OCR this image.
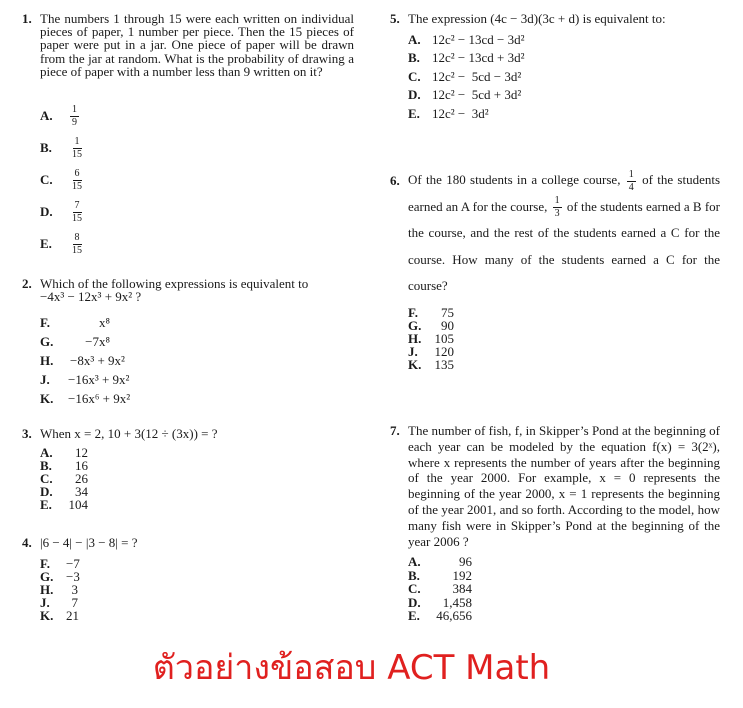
1. The numbers 1 through 15 were each written on individual pieces of paper, 1 number per piece. Then the 15 pieces of paper were put in a jar. One piece of paper will be drawn from the jar at random. What is the probability of drawing a piece of paper with a number less than 9 written on it?
A.	$\frac{1}{9}$
B.	$\frac{1}{15}$
C.	$\frac{6}{15}$
D.	$\frac{7}{15}$
E.	$\frac{8}{15}$
2. Which of the following expressions is equivalent to
−4x³ − 12x³ + 9x² ?
F.	x⁸
G.	−7x⁸
H.	−8x³ + 9x²
J.	−16x³ + 9x²
K.	−16x⁶ + 9x²
3. When x = 2, 10 + 3(12 ÷ (3x)) = ?
A.	12
B.	16
C.	26
D.	34
E.	104
4. |6 − 4| − |3 − 8| = ?
F.	−7
G. −3
H.	3
J.	7
K. 21
5. The expression (4c − 3d)(3c + d) is equivalent to:
A. 12c² − 13cd − 3d²
B. 12c² − 13cd + 3d²
C. 12c² −  5cd − 3d²
D. 12c² −  5cd + 3d²
E. 12c² −  3d²
6. Of the 180 students in a college course, $\frac{1}{4}$ of the students earned an A for the course, $\frac{1}{3}$ of the students earned a B for the course, and the rest of the students earned a C for the course. How many of the students earned a C for the course?
F.	75
G.	90
H.	105
J.	120
K.	135
7. The number of fish, f, in Skipper’s Pond at the beginning of each year can be modeled by the equation f(x) = 3(2ˣ), where x represents the number of years after the beginning of the year 2000. For example, x = 0 represents the beginning of the year 2000, x = 1 represents the beginning of the year 2001, and so forth. According to the model, how many fish were in Skipper’s Pond at the beginning of the year 2006 ?
A.	96
B.	192
C.	384
D.	1,458
E.	46,656
ตัวอย่างข้อสอบ ACT Math
